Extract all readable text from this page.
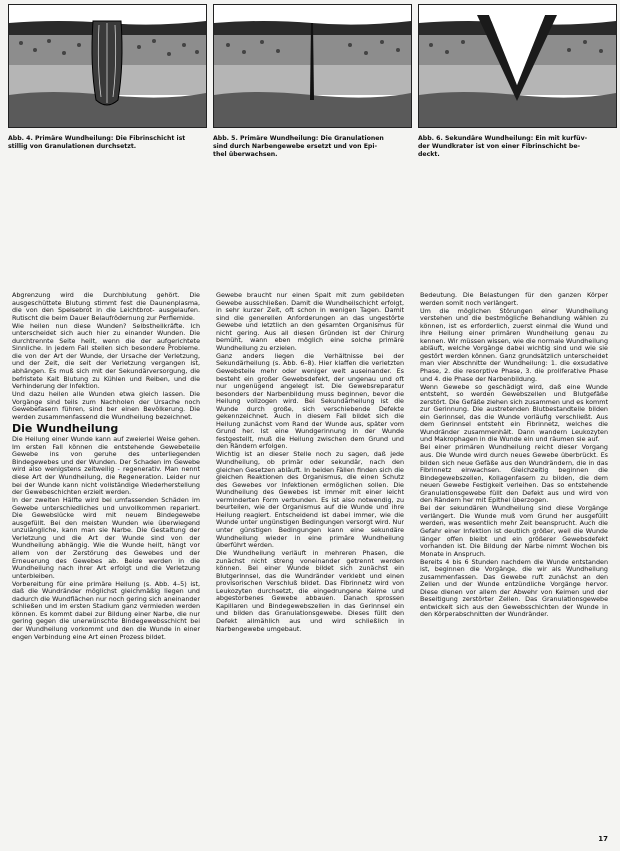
Abb. 4. Primäre Wundheilung: Die Fibrinschicht ist
stillig von Granulationen durchsetzt.
Abb. 5. Primäre Wundheilung: Die Granulationen
sind durch Narbengewebe ersetzt und von Epi-
thel überwachsen.
Abb. 6. Sekundäre Wundheilung: Ein mit kurfüv-
der Wundkrater ist von einer Fibrinschicht be-
deckt.

Abgrenzung wird die Durchblutung gehört. Die ausgeschüttete Blutung stimmt fest die Daunenplasma, die von den Speisebrot in die Leichtbrot- ausgelaufen. Rutischt die beim Dauer Belaufrödernung zur Perfiemide.

Wie heilen nun diese Wunden? Selbstheilkräfte. Ich unterscheidet sich auch hier zu einander Wunden. Die durchtrennte Seite heilt, wenn die der aufgerichtete Sinnliche. In jedem Fall stellen sich besondere Probleme. die von der Art der Wunde, der Ursache der Verletzung, und der Zeit, die seit der Verletzung vergangen ist, abhängen. Es muß sich mit der Sekundärversorgung, die befristete Kalt Blutung zu Kühlen und Reiben, und die Verhinderung der Infektion.

Und dazu heilen alle Wunden etwa gleich lassen. Die Vorgänge sind teils zum Nachholen der Ursache noch Gewebefasern führen, sind ber einen Bevölkerung. Die werden zusammenfassend die Wundheilung bezeichnet.

Die Wundheilung

Die Heilung einer Wunde kann auf zweierlei Weise gehen. Im ersten Fall können die entstehende Gewebeteile Gewebe ins von geruhe des unterliegenden Bindegewebes und der Wunden. Der Schaden im Gewebe wird also wenigstens zeitweilig - regenerativ. Man nennt diese Art der Wundheilung, die Regeneration. Leider nur bei der Wunde kann nicht vollständige Wiederherstellung der Gewebeschichten erzielt werden.

In der zweiten Hälfte wird bei umfassenden Schäden im Gewebe unterschiedliches und unvollkommen repariert. Die Gewebslücke wird mit neuem Bindegewebe ausgefüllt. Bei den meisten Wunden wie überwiegend unzulängliche, kann man sie Narbe. Die Gestaltung der Verletzung und die Art der Wunde sind von der Wundheilung abhängig. Wie die Wunde heilt, hängt vor allem von der Zerstörung des Gewebes und der Erneuerung des Gewebes ab. Beide werden in die Wundheilung nach ihrer Art erfolgt und die Verletzung unterbleiben.

Vorbereitung für eine primäre Heilung (s. Abb. 4–5) ist, daß die Wundränder möglichst gleichmäßig liegen und dadurch die Wundflächen nur noch gering sich aneinander schließen und im ersten Stadium ganz vermieden werden können. Es kommt dabei zur Bildung einer Narbe, die nur gering gegen die unerwünschte Bindegewebsschicht bei der Wundheilung vorkommt und den die Wunde in einer engen Verbindung eine Art einen Prozess bildet.

Gewebe braucht nur einen Spalt mit zum gebildeten Gewebe ausschließen. Damit die Wundheilschicht erfolgt, in sehr kurzer Zeit, oft schon in wenigen Tagen. Damit sind die generellen Anforderungen an das ungestörte Gewebe und letztlich an den gesamten Organismus für nicht gering. Aus all diesen Gründen ist der Chirurg bemüht, wann eben möglich eine solche primäre Wundheilung zu erzielen.

Ganz anders liegen die Verhältnisse bei der Sekundärheilung (s. Abb. 6–8). Hier klaffen die verletzten Gewebsteile mehr oder weniger weit auseinander. Es besteht ein großer Gewebsdefekt, der ungenau und oft nur ungenügend angelegt ist. Die Gewebsreparatur besonders der Narbenbildung muss beginnen, bevor die Heilung vollzogen wird. Bei Sekundärheilung ist die Wunde durch große, sich verschiebende Defekte gekennzeichnet. Auch in diesem Fall bildet sich die Heilung zunächst vom Rand der Wunde aus, später vom Grund her. Ist eine Wundgerinnung in der Wunde festgestellt, muß die Heilung zwischen dem Grund und den Rändern erfolgen.

Wichtig ist an dieser Stelle noch zu sagen, daß jede Wundheilung, ob primär oder sekundär, nach den gleichen Gesetzen abläuft. In beiden Fällen finden sich die gleichen Reaktionen des Organismus, die einen Schutz des Gewebes vor Infektionen ermöglichen sollen. Die Wundheilung des Gewebes ist immer mit einer leicht verminderten Form verbunden. Es ist also notwendig, zu beurteilen, wie der Organismus auf die Wunde und ihre Heilung reagiert. Entscheidend ist dabei immer, wie die Wunde unter ungünstigen Bedingungen versorgt wird. Nur unter günstigen Bedingungen kann eine sekundäre Wundheilung wieder in eine primäre Wundheilung überführt werden.

Die Wundheilung verläuft in mehreren Phasen, die zunächst nicht streng voneinander getrennt werden können. Bei einer Wunde bildet sich zunächst ein Blutgerinnsel, das die Wundränder verklebt und einen provisorischen Verschluß bildet. Das Fibrinnetz wird von Leukozyten durchsetzt, die eingedrungene Keime und abgestorbenes Gewebe abbauen. Danach sprossen Kapillaren und Bindegewebszellen in das Gerinnsel ein und bilden das Granulationsgewebe. Dieses füllt den Defekt allmählich aus und wird schließlich in Narbengewebe umgebaut.

Bedeutung. Die Belastungen für den ganzen Körper werden somit noch verlängert.

Um die möglichen Störungen einer Wundheilung verstehen und die bestmögliche Behandlung wählen zu können, ist es erforderlich, zuerst einmal die Wund und ihre Heilung einer primären Wundheilung genau zu kennen. Wir müssen wissen, wie die normale Wundheilung abläuft, welche Vorgänge dabei wichtig sind und wie sie gestört werden können. Ganz grundsätzlich unterscheidet man vier Abschnitte der Wundheilung: 1. die exsudative Phase, 2. die resorptive Phase, 3. die proliferative Phase und 4. die Phase der Narbenbildung.

Wenn Gewebe so geschädigt wird, daß eine Wunde entsteht, so werden Gewebszellen und Blutgefäße zerstört. Die Gefäße ziehen sich zusammen und es kommt zur Gerinnung. Die austretenden Blutbestandteile bilden ein Gerinnsel, das die Wunde vorläufig verschließt. Aus dem Gerinnsel entsteht ein Fibrinnetz, welches die Wundränder zusammenhält. Dann wandern Leukozyten und Makrophagen in die Wunde ein und räumen sie auf.

Bei einer primären Wundheilung reicht dieser Vorgang aus. Die Wunde wird durch neues Gewebe überbrückt. Es bilden sich neue Gefäße aus den Wundrändern, die in das Fibrinnetz einwachsen. Gleichzeitig beginnen die Bindegewebszellen, Kollagenfasern zu bilden, die dem neuen Gewebe Festigkeit verleihen. Das so entstehende Granulationsgewebe füllt den Defekt aus und wird von den Rändern her mit Epithel überzogen.

Bei der sekundären Wundheilung sind diese Vorgänge verlängert. Die Wunde muß vom Grund her ausgefüllt werden, was wesentlich mehr Zeit beansprucht. Auch die Gefahr einer Infektion ist deutlich größer, weil die Wunde länger offen bleibt und ein größerer Gewebsdefekt vorhanden ist. Die Bildung der Narbe nimmt Wochen bis Monate in Anspruch.

Bereits 4 bis 6 Stunden nachdem die Wunde entstanden ist, beginnen die Vorgänge, die wir als Wundheilung zusammenfassen. Das Gewebe ruft zunächst an den Zellen und der Wunde entzündliche Vorgänge hervor. Diese dienen vor allem der Abwehr von Keimen und der Beseitigung zerstörter Zellen. Das Granulationsgewebe entwickelt sich aus den Gewebsschichten der Wunde in den Körperabschnitten der Wundränder.

17
